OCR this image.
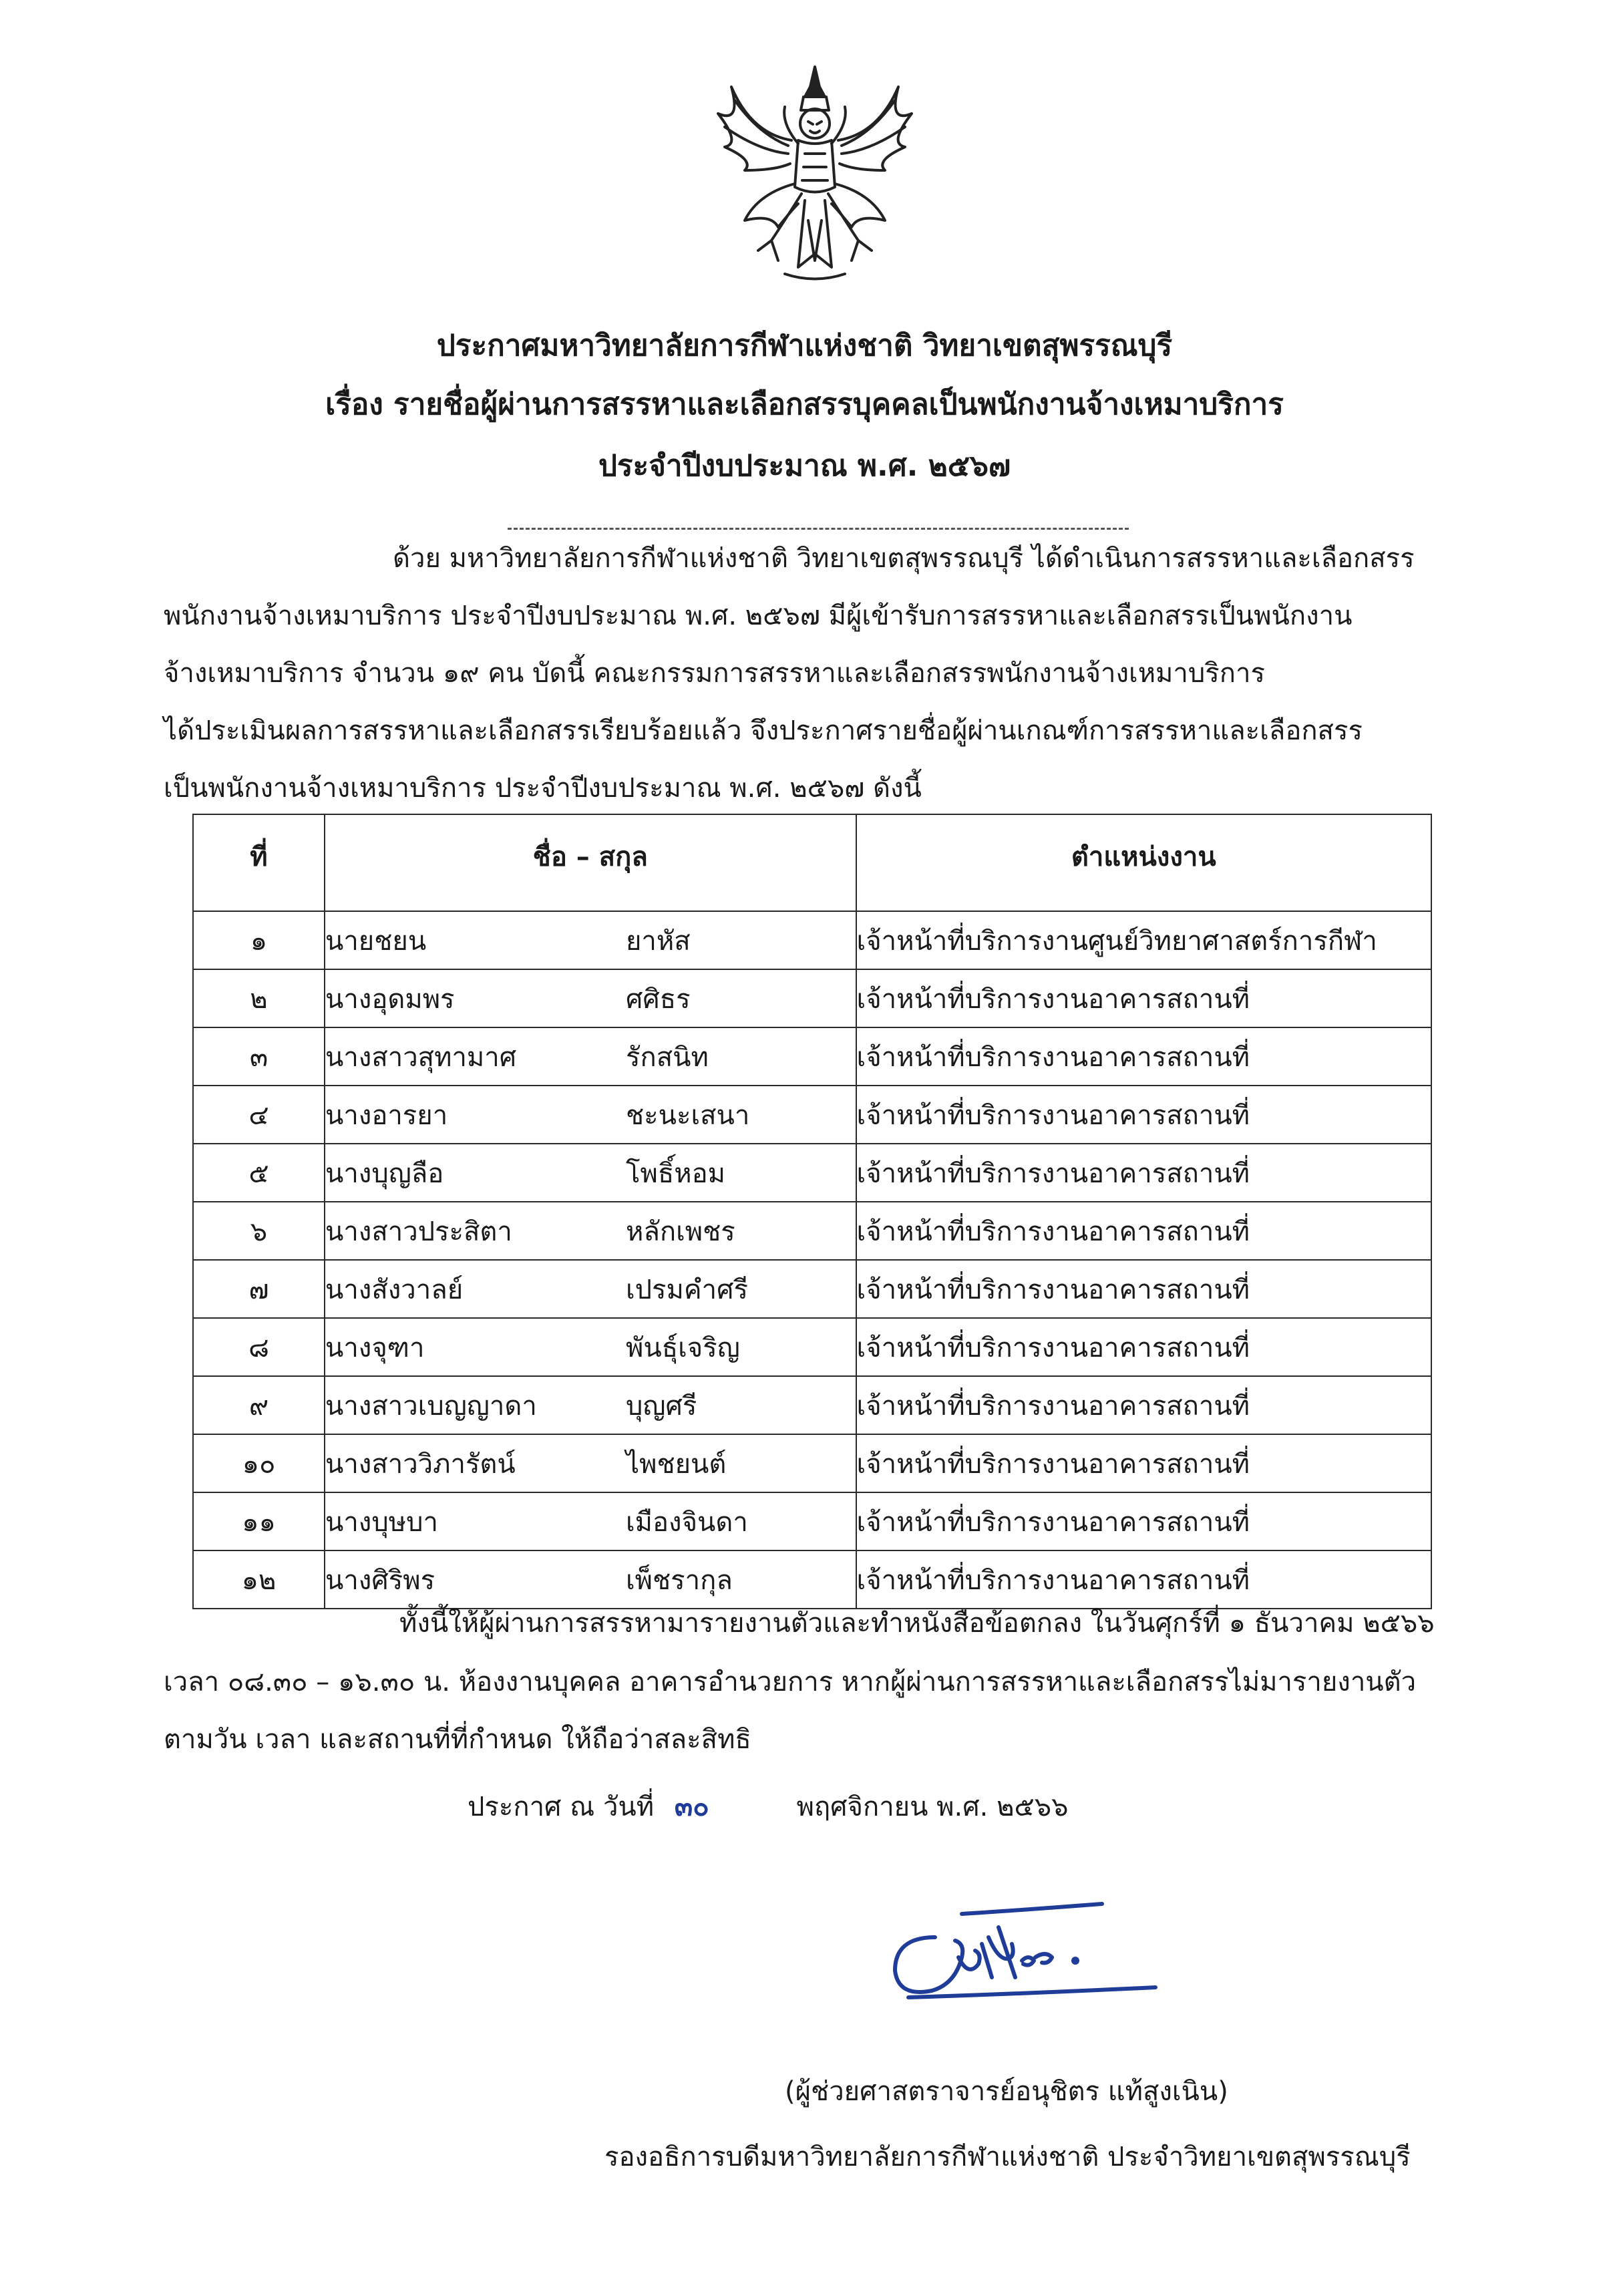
ประกาศมหาวิทยาลัยการกีฬาแห่งชาติ วิทยาเขตสุพรรณบุรี
เรื่อง รายชื่อผู้ผ่านการสรรหาและเลือกสรรบุคคลเป็นพนักงานจ้างเหมาบริการ
ประจำปีงบประมาณ พ.ศ. ๒๕๖๗
ด้วย มหาวิทยาลัยการกีฬาแห่งชาติ วิทยาเขตสุพรรณบุรี ได้ดำเนินการสรรหาและเลือกสรร
พนักงานจ้างเหมาบริการ ประจำปีงบประมาณ พ.ศ. ๒๕๖๗ มีผู้เข้ารับการสรรหาและเลือกสรรเป็นพนักงาน
จ้างเหมาบริการ จำนวน ๑๙ คน บัดนี้ คณะกรรมการสรรหาและเลือกสรรพนักงานจ้างเหมาบริการ
ได้ประเมินผลการสรรหาและเลือกสรรเรียบร้อยแล้ว จึงประกาศรายชื่อผู้ผ่านเกณฑ์การสรรหาและเลือกสรร
เป็นพนักงานจ้างเหมาบริการ ประจำปีงบประมาณ พ.ศ. ๒๕๖๗ ดังนี้
ที่	ชื่อ – สกุล	ตำแหน่งงาน
๑	นายชยน ยาหัส	เจ้าหน้าที่บริการงานศูนย์วิทยาศาสตร์การกีฬา
๒	นางอุดมพร ศศิธร	เจ้าหน้าที่บริการงานอาคารสถานที่
๓	นางสาวสุทามาศ รักสนิท	เจ้าหน้าที่บริการงานอาคารสถานที่
๔	นางอารยา ชะนะเสนา	เจ้าหน้าที่บริการงานอาคารสถานที่
๕	นางบุญลือ โพธิ์หอม	เจ้าหน้าที่บริการงานอาคารสถานที่
๖	นางสาวประสิตา หลักเพชร	เจ้าหน้าที่บริการงานอาคารสถานที่
๗	นางสังวาลย์ เปรมคำศรี	เจ้าหน้าที่บริการงานอาคารสถานที่
๘	นางจุฑา พันธุ์เจริญ	เจ้าหน้าที่บริการงานอาคารสถานที่
๙	นางสาวเบญญาดา บุญศรี	เจ้าหน้าที่บริการงานอาคารสถานที่
๑๐	นางสาววิภารัตน์ ไพชยนต์	เจ้าหน้าที่บริการงานอาคารสถานที่
๑๑	นางบุษบา เมืองจินดา	เจ้าหน้าที่บริการงานอาคารสถานที่
๑๒	นางศิริพร เพ็ชรากุล	เจ้าหน้าที่บริการงานอาคารสถานที่
ทั้งนี้ให้ผู้ผ่านการสรรหามารายงานตัวและทำหนังสือข้อตกลง ในวันศุกร์ที่ ๑ ธันวาคม ๒๕๖๖
เวลา ๐๘.๓๐ – ๑๖.๓๐ น. ห้องงานบุคคล อาคารอำนวยการ หากผู้ผ่านการสรรหาและเลือกสรรไม่มารายงานตัว
ตามวัน เวลา และสถานที่ที่กำหนด ให้ถือว่าสละสิทธิ
ประกาศ ณ วันที่ ๓๐	พฤศจิกายน พ.ศ. ๒๕๖๖
(ผู้ช่วยศาสตราจารย์อนุชิตร แท้สูงเนิน)
รองอธิการบดีมหาวิทยาลัยการกีฬาแห่งชาติ ประจำวิทยาเขตสุพรรณบุรี
